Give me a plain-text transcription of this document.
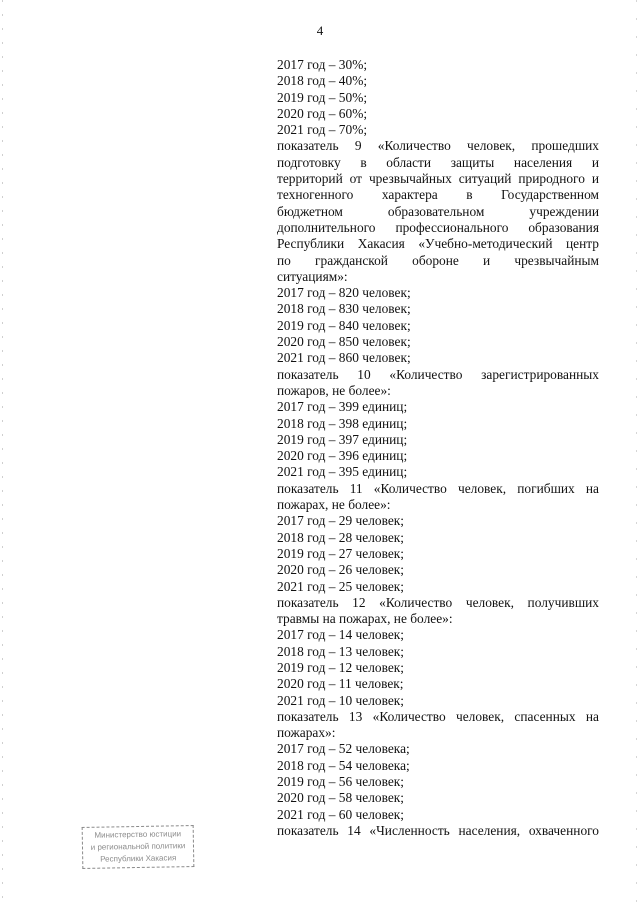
4
2017 год – 30%;
2018 год – 40%;
2019 год – 50%;
2020 год – 60%;
2021 год – 70%;
показатель 9 «Количество человек, прошедших
подготовку в области защиты населения и
территорий от чрезвычайных ситуаций природного и
техногенного характера в Государственном
бюджетном образовательном учреждении
дополнительного профессионального образования
Республики Хакасия «Учебно-методический центр
по гражданской обороне и чрезвычайным
ситуациям»:
2017 год – 820 человек;
2018 год – 830 человек;
2019 год – 840 человек;
2020 год – 850 человек;
2021 год – 860 человек;
показатель 10 «Количество зарегистрированных
пожаров, не более»:
2017 год – 399 единиц;
2018 год – 398 единиц;
2019 год – 397 единиц;
2020 год – 396 единиц;
2021 год – 395 единиц;
показатель 11 «Количество человек, погибших на
пожарах, не более»:
2017 год – 29 человек;
2018 год – 28 человек;
2019 год – 27 человек;
2020 год – 26 человек;
2021 год – 25 человек;
показатель 12 «Количество человек, получивших
травмы на пожарах, не более»:
2017 год – 14 человек;
2018 год – 13 человек;
2019 год – 12 человек;
2020 год – 11 человек;
2021 год – 10 человек;
показатель 13 «Количество человек, спасенных на
пожарах»:
2017 год – 52 человека;
2018 год – 54 человека;
2019 год – 56 человек;
2020 год – 58 человек;
2021 год – 60 человек;
показатель 14 «Численность населения, охваченного
Министерство юстиции
и региональной политики
Республики Хакасия
